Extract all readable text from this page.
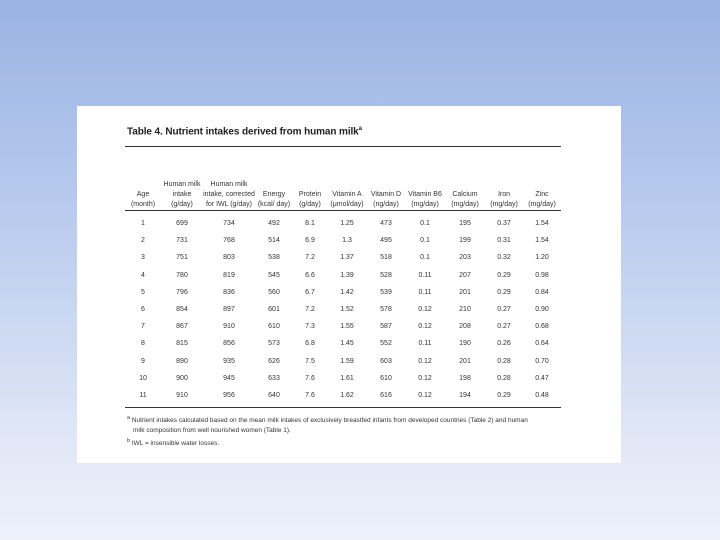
Table 4. Nutrient intakes derived from human milk$^a$
Age (month)	Human milk intake (g/day)	Human milk intake, corrected for IWL (g/day)	Energy (kcal/ day)	Protein (g/day)	Vitamin A (μmol/day)	Vitamin D (ng/day)	Vitamin B6 (mg/day)	Calcium (mg/day)	Iron (mg/day)	Zinc (mg/day)
1	699	734	492	8.1	1.25	473	0.1	195	0.37	1.54
2	731	768	514	6.9	1.3	495	0.1	199	0.31	1.54
3	751	803	538	7.2	1.37	518	0.1	203	0.32	1.20
4	780	819	545	6.6	1.39	528	0.11	207	0.29	0.98
5	796	836	560	6.7	1.42	539	0.11	201	0.29	0.84
6	854	897	601	7.2	1.52	578	0.12	210	0.27	0.90
7	867	910	610	7.3	1.55	587	0.12	208	0.27	0.68
8	815	856	573	6.8	1.45	552	0.11	190	0.26	0.64
9	890	935	626	7.5	1.59	603	0.12	201	0.28	0.70
10	900	945	633	7.6	1.61	610	0.12	198	0.28	0.47
11	910	956	640	7.6	1.62	616	0.12	194	0.29	0.48

$^a$ Nutrient intakes calculated based on the mean milk intakes of exclusively breastfed infants from developed countries (Table 2) and human
milk composition from well nourished women (Table 1).

$^b$ IWL = insensible water losses.
